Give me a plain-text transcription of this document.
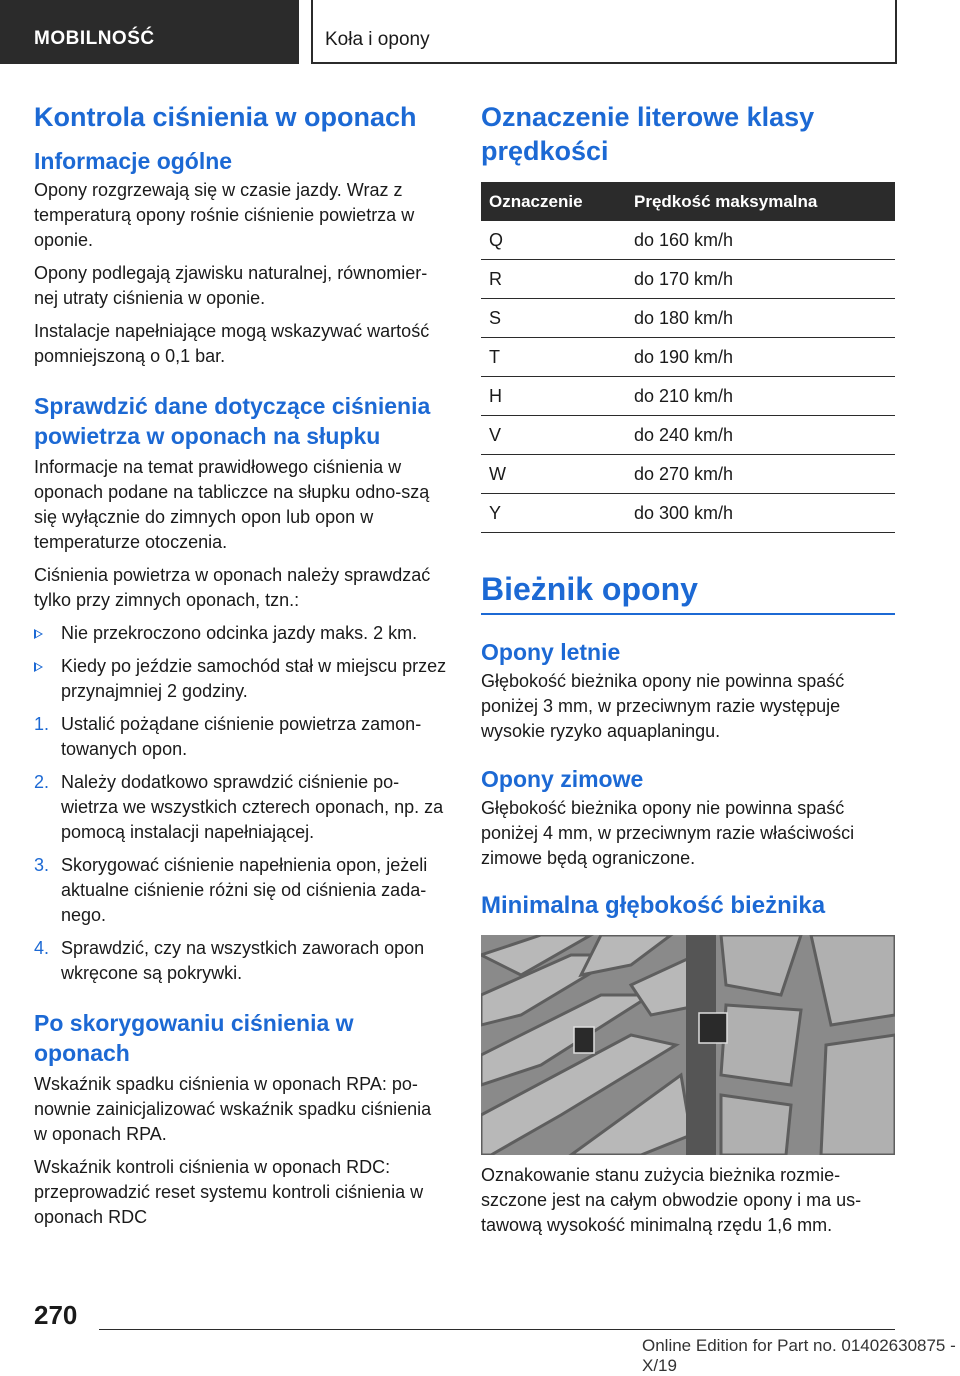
MOBILNOŚĆ	Koła i opony
Kontrola ciśnienia w oponach
Informacje ogólne

Opony rozgrzewają się w czasie jazdy. Wraz z temperaturą opony rośnie ciśnienie powietrza w oponie.

Opony podlegają zjawisku naturalnej, równomier‐nej utraty ciśnienia w oponie.

Instalacje napełniające mogą wskazywać wartość pomniejszoną o 0,1 bar.

Sprawdzić dane dotyczące ciśnienia powietrza w oponach na słupku

Informacje na temat prawidłowego ciśnienia w oponach podane na tabliczce na słupku odno‐szą się wyłącznie do zimnych opon lub opon w temperaturze otoczenia.

Ciśnienia powietrza w oponach należy sprawdzać tylko przy zimnych oponach, tzn.:

Nie przekroczono odcinka jazdy maks. 2 km.
Kiedy po jeździe samochód stał w miejscu przez przynajmniej 2 godziny.
1. Ustalić pożądane ciśnienie powietrza zamon‐towanych opon.
2. Należy dodatkowo sprawdzić ciśnienie po‐wietrza we wszystkich czterech oponach, np. za pomocą instalacji napełniającej.
3. Skorygować ciśnienie napełnienia opon, jeżeli aktualne ciśnienie różni się od ciśnienia zada‐nego.
4. Sprawdzić, czy na wszystkich zaworach opon wkręcone są pokrywki.
Po skorygowaniu ciśnienia w oponach

Wskaźnik spadku ciśnienia w oponach RPA: po‐nownie zainicjalizować wskaźnik spadku ciśnienia w oponach RPA.

Wskaźnik kontroli ciśnienia w oponach RDC: przeprowadzić reset systemu kontroli ciśnienia w oponach RDC

Oznaczenie literowe klasy prędkości
Oznaczenie	Prędkość maksymalna
Q	do 160 km/h
R	do 170 km/h
S	do 180 km/h
T	do 190 km/h
H	do 210 km/h
V	do 240 km/h
W	do 270 km/h
Y	do 300 km/h
Bieżnik opony
Opony letnie

Głębokość bieżnika opony nie powinna spaść poniżej 3 mm, w przeciwnym razie występuje wysokie ryzyko aquaplaningu.

Opony zimowe

Głębokość bieżnika opony nie powinna spaść poniżej 4 mm, w przeciwnym razie właściwości zimowe będą ograniczone.

Minimalna głębokość bieżnika

Oznakowanie stanu zużycia bieżnika rozmie‐szczone jest na całym obwodzie opony i ma us‐tawową wysokość minimalną rzędu 1,6 mm.

270
Online Edition for Part no. 01402630875 - X/19
